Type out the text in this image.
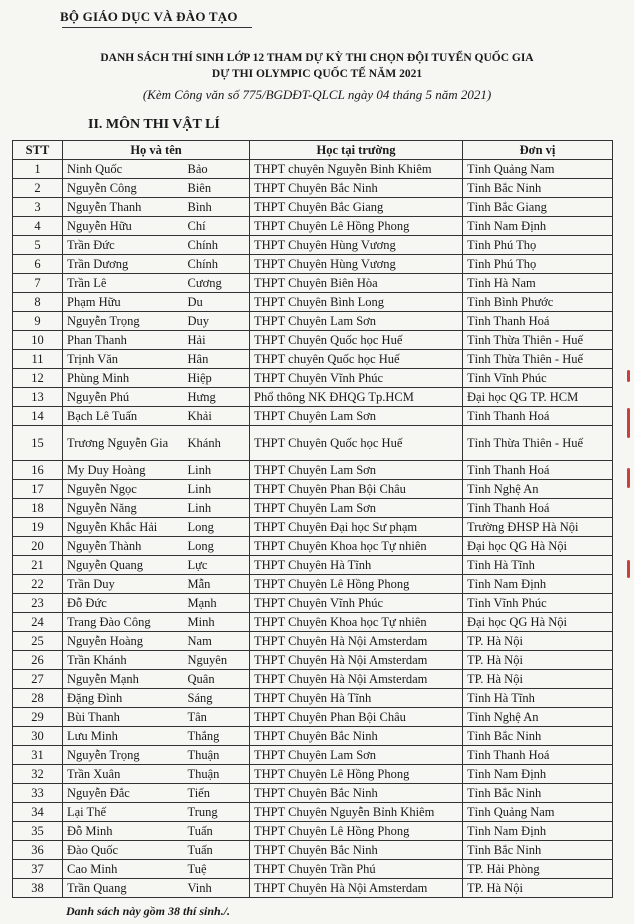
BỘ GIÁO DỤC VÀ ĐÀO TẠO
DANH SÁCH THÍ SINH LỚP 12 THAM DỰ KỲ THI CHỌN ĐỘI TUYỂN QUỐC GIA
DỰ THI OLYMPIC QUỐC TẾ NĂM 2021
(Kèm Công văn số 775/BGDĐT-QLCL ngày 04 tháng 5 năm 2021)
II. MÔN THI VẬT LÍ
STT	Họ và tên		Học tại trường	Đơn vị
1	Ninh Quốc	Bảo	THPT chuyên Nguyễn Bỉnh Khiêm	Tỉnh Quảng Nam
2	Nguyễn Công	Biên	THPT Chuyên Bắc Ninh	Tỉnh Bắc Ninh
3	Nguyễn Thanh	Bình	THPT Chuyên Bắc Giang	Tỉnh Bắc Giang
4	Nguyễn Hữu	Chí	THPT Chuyên Lê Hồng Phong	Tỉnh Nam Định
5	Trần Đức	Chính	THPT Chuyên Hùng Vương	Tỉnh Phú Thọ
6	Trần Dương	Chính	THPT Chuyên Hùng Vương	Tỉnh Phú Thọ
7	Trần Lê	Cương	THPT Chuyên Biên Hòa	Tỉnh Hà Nam
8	Phạm Hữu	Du	THPT Chuyên Bình Long	Tỉnh Bình Phước
9	Nguyễn Trọng	Duy	THPT Chuyên Lam Sơn	Tỉnh Thanh Hoá
10	Phan Thanh	Hải	THPT Chuyên Quốc học Huế	Tỉnh Thừa Thiên - Huế
11	Trịnh Văn	Hân	THPT chuyên Quốc học Huế	Tỉnh Thừa Thiên - Huế
12	Phùng Minh	Hiệp	THPT Chuyên Vĩnh Phúc	Tỉnh Vĩnh Phúc
13	Nguyễn Phú	Hưng	Phổ thông NK ĐHQG Tp.HCM	Đại học QG TP. HCM
14	Bạch Lê Tuấn	Khải	THPT Chuyên Lam Sơn	Tỉnh Thanh Hoá
15	Trương Nguyễn Gia	Khánh	THPT Chuyên Quốc học Huế	Tỉnh Thừa Thiên - Huế
16	My Duy Hoàng	Linh	THPT Chuyên Lam Sơn	Tỉnh Thanh Hoá
17	Nguyễn Ngọc	Linh	THPT Chuyên Phan Bội Châu	Tỉnh Nghệ An
18	Nguyễn Năng	Linh	THPT Chuyên Lam Sơn	Tỉnh Thanh Hoá
19	Nguyễn Khắc Hải	Long	THPT Chuyên Đại học Sư phạm	Trường ĐHSP Hà Nội
20	Nguyễn Thành	Long	THPT Chuyên Khoa học Tự nhiên	Đại học QG Hà Nội
21	Nguyễn Quang	Lực	THPT Chuyên Hà Tĩnh	Tỉnh Hà Tĩnh
22	Trần Duy	Mẫn	THPT Chuyên Lê Hồng Phong	Tỉnh Nam Định
23	Đỗ Đức	Mạnh	THPT Chuyên Vĩnh Phúc	Tỉnh Vĩnh Phúc
24	Trang Đào Công	Minh	THPT Chuyên Khoa học Tự nhiên	Đại học QG Hà Nội
25	Nguyễn Hoàng	Nam	THPT Chuyên Hà Nội Amsterdam	TP. Hà Nội
26	Trần Khánh	Nguyên	THPT Chuyên Hà Nội Amsterdam	TP. Hà Nội
27	Nguyễn Mạnh	Quân	THPT Chuyên Hà Nội Amsterdam	TP. Hà Nội
28	Đặng Đình	Sáng	THPT Chuyên Hà Tĩnh	Tỉnh Hà Tĩnh
29	Bùi Thanh	Tân	THPT Chuyên Phan Bội Châu	Tỉnh Nghệ An
30	Lưu Minh	Thắng	THPT Chuyên Bắc Ninh	Tỉnh Bắc Ninh
31	Nguyễn Trọng	Thuận	THPT Chuyên Lam Sơn	Tỉnh Thanh Hoá
32	Trần Xuân	Thuận	THPT Chuyên Lê Hồng Phong	Tỉnh Nam Định
33	Nguyễn Đắc	Tiến	THPT Chuyên Bắc Ninh	Tỉnh Bắc Ninh
34	Lại Thế	Trung	THPT Chuyên Nguyễn Bỉnh Khiêm	Tỉnh Quảng Nam
35	Đỗ Minh	Tuấn	THPT Chuyên Lê Hồng Phong	Tỉnh Nam Định
36	Đào Quốc	Tuấn	THPT Chuyên Bắc Ninh	Tỉnh Bắc Ninh
37	Cao Minh	Tuệ	THPT Chuyên Trần Phú	TP. Hải Phòng
38	Trần Quang	Vinh	THPT Chuyên Hà Nội Amsterdam	TP. Hà Nội
Danh sách này gồm 38 thí sinh./.
